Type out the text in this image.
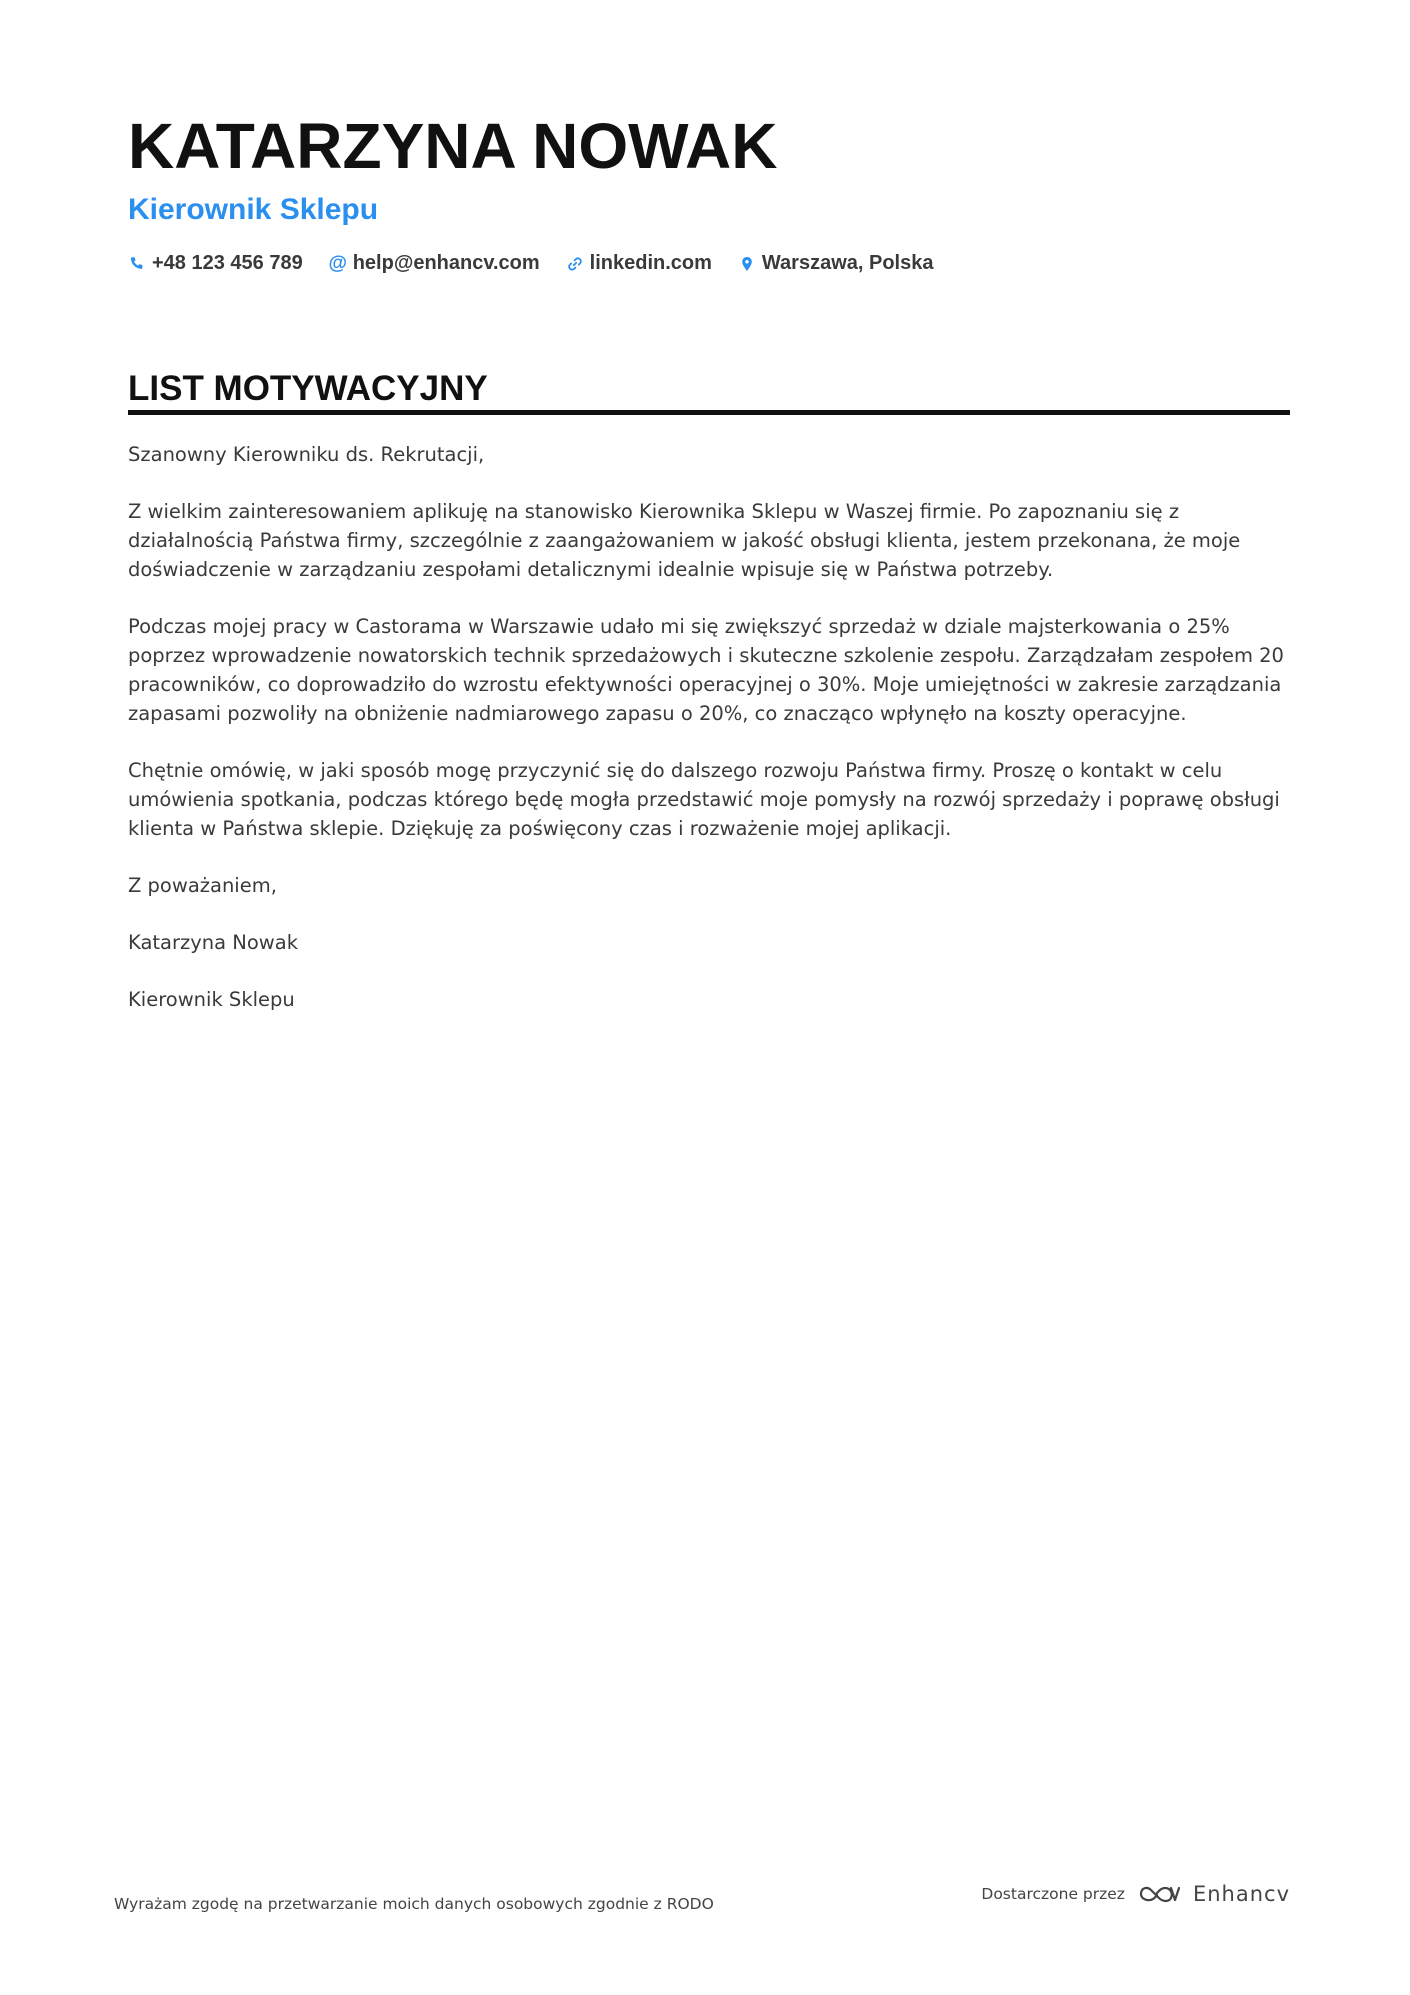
KATARZYNA NOWAK
Kierownik Sklepu
+48 123 456 789 @ help@enhancv.com	linkedin.com	Warszawa, Polska
LIST MOTYWACYJNY

Szanowny Kierowniku ds. Rekrutacji,

Z wielkim zainteresowaniem aplikuję na stanowisko Kierownika Sklepu w Waszej firmie. Po zapoznaniu się z działalnością Państwa firmy, szczególnie z zaangażowaniem w jakość obsługi klienta, jestem przekonana, że moje doświadczenie w zarządzaniu zespołami detalicznymi idealnie wpisuje się w Państwa potrzeby.

Podczas mojej pracy w Castorama w Warszawie udało mi się zwiększyć sprzedaż w dziale majsterkowania o 25% poprzez wprowadzenie nowatorskich technik sprzedażowych i skuteczne szkolenie zespołu. Zarządzałam zespołem 20 pracowników, co doprowadziło do wzrostu efektywności operacyjnej o 30%. Moje umiejętności w zakresie zarządzania zapasami pozwoliły na obniżenie nadmiarowego zapasu o 20%, co znacząco wpłynęło na koszty operacyjne.

Chętnie omówię, w jaki sposób mogę przyczynić się do dalszego rozwoju Państwa firmy. Proszę o kontakt w celu umówienia spotkania, podczas którego będę mogła przedstawić moje pomysły na rozwój sprzedaży i poprawę obsługi klienta w Państwa sklepie. Dziękuję za poświęcony czas i rozważenie mojej aplikacji.

Z poważaniem,

Katarzyna Nowak

Kierownik Sklepu

Wyrażam zgodę na przetwarzanie moich danych osobowych zgodnie z RODO
Dostarczone przez	Enhancv
